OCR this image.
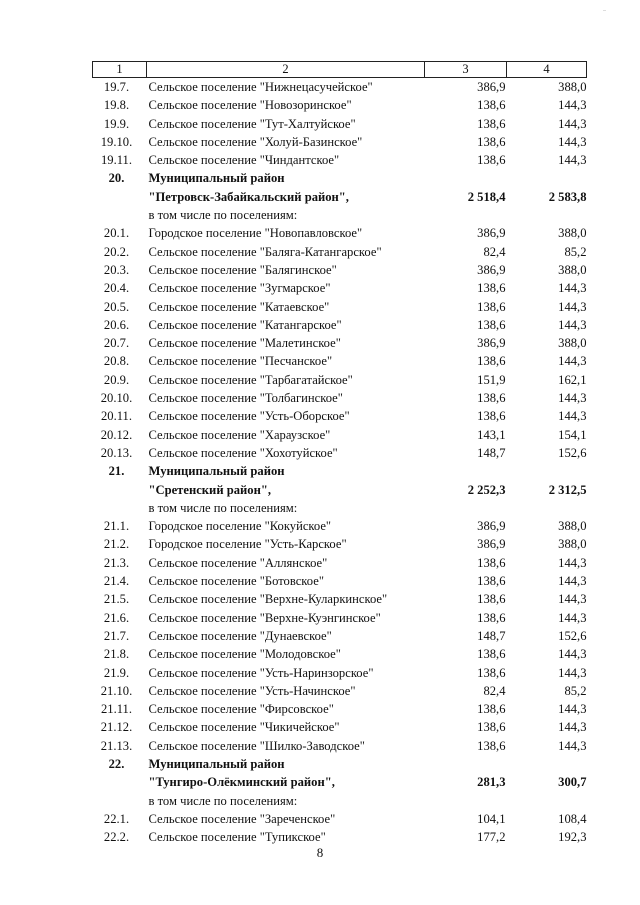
1	2	3	4
19.7.	Сельское поселение "Нижнецасучейское"	386,9	388,0
19.8.	Сельское поселение "Новозоринское"	138,6	144,3
19.9.	Сельское поселение "Тут-Халтуйское"	138,6	144,3
19.10.	Сельское поселение "Холуй-Базинское"	138,6	144,3
19.11.	Сельское поселение "Чиндантское"	138,6	144,3
20.	Муниципальный район		
	"Петровск-Забайкальский район",	2 518,4	2 583,8
	в том числе по поселениям:		
20.1.	Городское поселение "Новопавловское"	386,9	388,0
20.2.	Сельское поселение "Баляга-Катангарское"	82,4	85,2
20.3.	Сельское поселение "Балягинское"	386,9	388,0
20.4.	Сельское поселение "Зугмарское"	138,6	144,3
20.5.	Сельское поселение "Катаевское"	138,6	144,3
20.6.	Сельское поселение "Катангарское"	138,6	144,3
20.7.	Сельское поселение "Малетинское"	386,9	388,0
20.8.	Сельское поселение "Песчанское"	138,6	144,3
20.9.	Сельское поселение "Тарбагатайское"	151,9	162,1
20.10.	Сельское поселение "Толбагинское"	138,6	144,3
20.11.	Сельское поселение "Усть-Оборское"	138,6	144,3
20.12.	Сельское поселение "Хараузское"	143,1	154,1
20.13.	Сельское поселение "Хохотуйское"	148,7	152,6
21.	Муниципальный район		
	"Сретенский район",	2 252,3	2 312,5
	в том числе по поселениям:		
21.1.	Городское поселение "Кокуйское"	386,9	388,0
21.2.	Городское поселение "Усть-Карское"	386,9	388,0
21.3.	Сельское поселение "Аллянское"	138,6	144,3
21.4.	Сельское поселение "Ботовское"	138,6	144,3
21.5.	Сельское поселение "Верхне-Куларкинское"	138,6	144,3
21.6.	Сельское поселение "Верхне-Куэнгинское"	138,6	144,3
21.7.	Сельское поселение "Дунаевское"	148,7	152,6
21.8.	Сельское поселение "Молодовское"	138,6	144,3
21.9.	Сельское поселение "Усть-Наринзорское"	138,6	144,3
21.10.	Сельское поселение "Усть-Начинское"	82,4	85,2
21.11.	Сельское поселение "Фирсовское"	138,6	144,3
21.12.	Сельское поселение "Чикичейское"	138,6	144,3
21.13.	Сельское поселение "Шилко-Заводское"	138,6	144,3
22.	Муниципальный район		
	"Тунгиро-Олёкминский район",	281,3	300,7
	в том числе по поселениям:		
22.1.	Сельское поселение "Зареченское"	104,1	108,4
22.2.	Сельское поселение "Тупикское"	177,2	192,3
8
